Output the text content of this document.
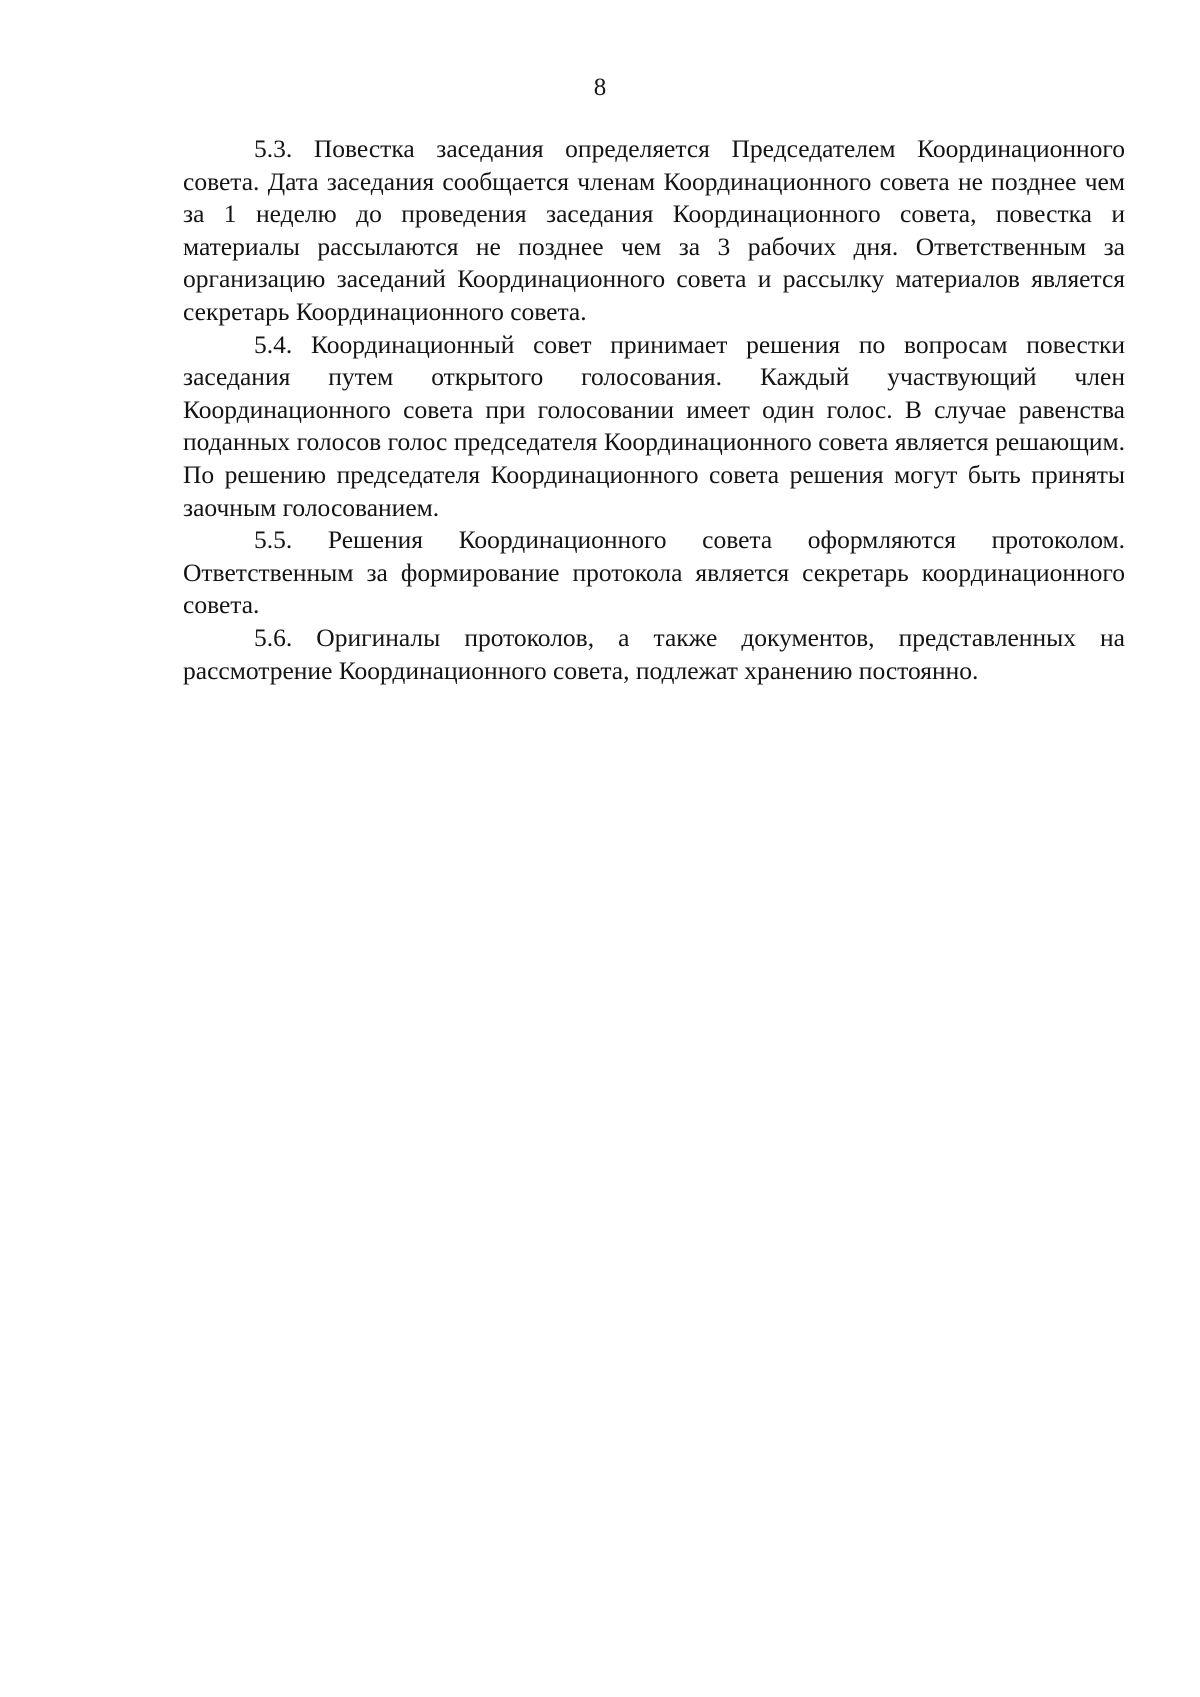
8

5.3. Повестка заседания определяется Председателем Координационного совета. Дата заседания сообщается членам Координационного совета не позднее чем за 1 неделю до проведения заседания Координационного совета, повестка и материалы рассылаются не позднее чем за 3 рабочих дня. Ответственным за организацию заседаний Координационного совета и рассылку материалов является секретарь Координационного совета.

5.4. Координационный совет принимает решения по вопросам повестки заседания путем открытого голосования. Каждый участвующий член Координационного совета при голосовании имеет один голос. В случае равенства поданных голосов голос председателя Координационного совета является решающим. По решению председателя Координационного совета решения могут быть приняты заочным голосованием.

5.5. Решения Координационного совета оформляются протоколом. Ответственным за формирование протокола является секретарь координационного совета.

5.6. Оригиналы протоколов, а также документов, представленных на рассмотрение Координационного совета, подлежат хранению постоянно.
